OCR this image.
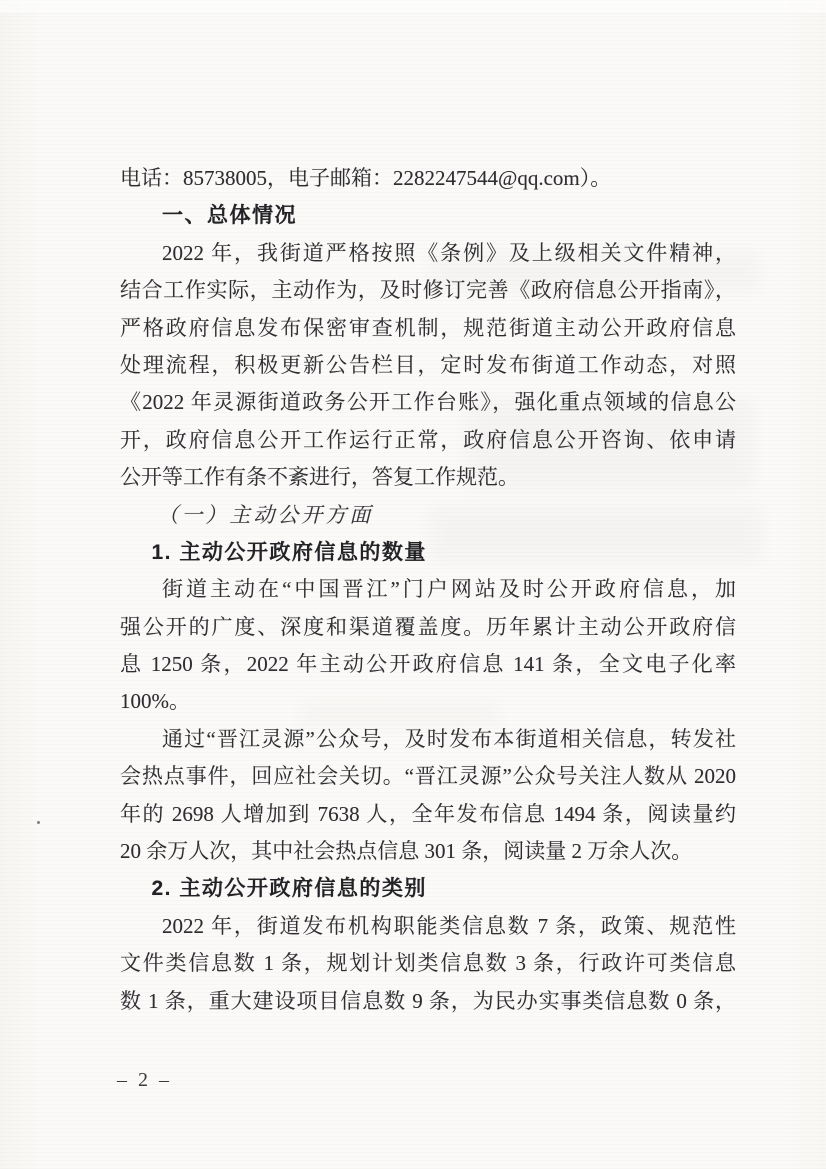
电话：85738005，电子邮箱：2282247544@qq.com）。
一、总体情况
2022 年，我街道严格按照《条例》及上级相关文件精神，
结合工作实际，主动作为，及时修订完善《政府信息公开指南》，
严格政府信息发布保密审查机制，规范街道主动公开政府信息
处理流程，积极更新公告栏目，定时发布街道工作动态，对照
《2022 年灵源街道政务公开工作台账》，强化重点领域的信息公
开，政府信息公开工作运行正常，政府信息公开咨询、依申请
公开等工作有条不紊进行，答复工作规范。
（一）主动公开方面
1. 主动公开政府信息的数量
街道主动在“中国晋江”门户网站及时公开政府信息，加
强公开的广度、深度和渠道覆盖度。历年累计主动公开政府信
息 1250 条，2022 年主动公开政府信息 141 条，全文电子化率
100%。
通过“晋江灵源”公众号，及时发布本街道相关信息，转发社
会热点事件，回应社会关切。“晋江灵源”公众号关注人数从 2020
年的 2698 人增加到 7638 人，全年发布信息 1494 条，阅读量约
20 余万人次，其中社会热点信息 301 条，阅读量 2 万余人次。
2. 主动公开政府信息的类别
2022 年，街道发布机构职能类信息数 7 条，政策、规范性
文件类信息数 1 条，规划计划类信息数 3 条，行政许可类信息
数 1 条，重大建设项目信息数 9 条，为民办实事类信息数 0 条，
– 2 –
